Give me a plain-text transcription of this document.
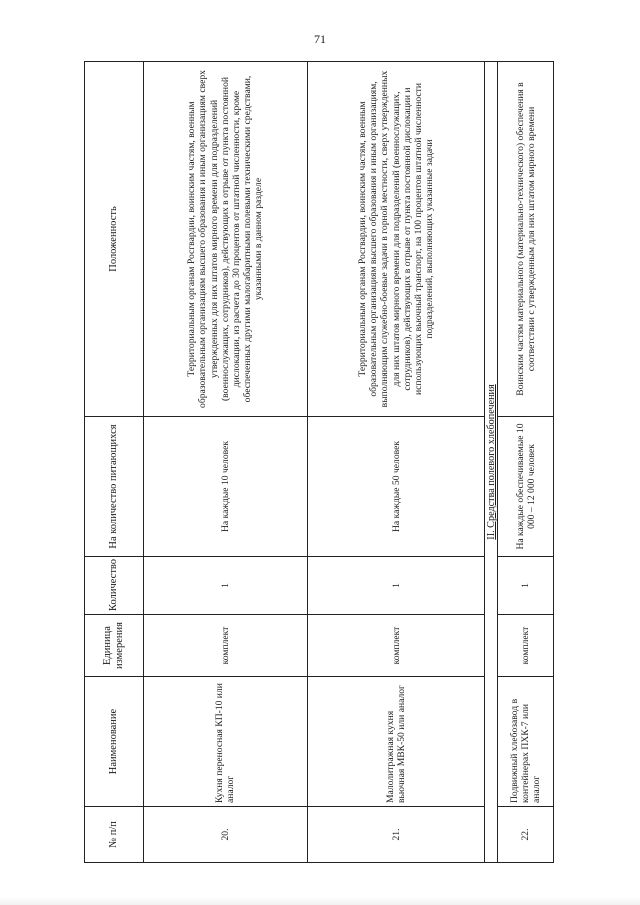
71
№ п/п	Наименование	Единица измерения	Количество	На количество питающихся	Положенность
20.	Кухня переносная КП-10 или аналог	комплект	1	На каждые 10 человек	Территориальным органам Росгвардии, воинским частям, военным образовательным организациям высшего образования и иным организациям сверх утвержденных для них штатов мирного времени для подразделений (военнослужащих, сотрудников), действующих в отрыве от пункта постоянной дислокации, из расчета до 30 процентов от штатной численности, кроме обеспеченных другими малогабаритными полевыми техническими средствами, указанными в данном разделе
21.	Малолитражная кухня вьючная МВК-50 или аналог	комплект	1	На каждые 50 человек	Территориальным органам Росгвардии, воинским частям, военным образовательным организациям высшего образования и иным организациям, выполняющим служебно-боевые задачи в горной местности, сверх утвержденных для них штатов мирного времени для подразделений (военнослужащих, сотрудников), действующих в отрыве от пункта постоянной дислокации и использующих вьючный транспорт, на 100 процентов штатной численности подразделений, выполняющих указанные задачи
II. Средства полевого хлебопечения					
22.	Подвижный хлебозавод в контейнерах ПХК-7 или аналог	комплект	1	На каждые обеспечиваемые 10 000 – 12 000 человек	Воинским частям материального (материально-технического) обеспечения в соответствии с утвержденным для них штатом мирного времени
